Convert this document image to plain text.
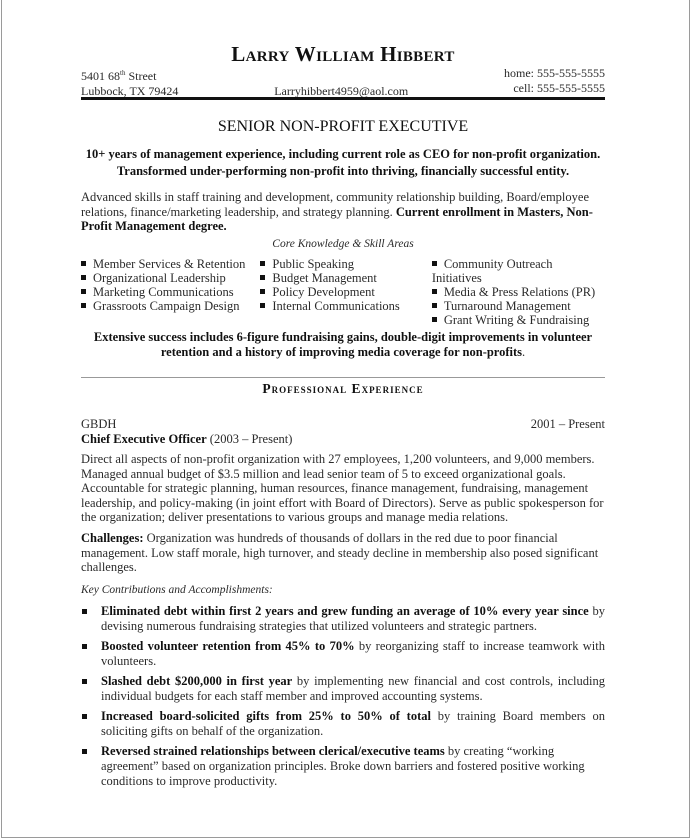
Larry William Hibbert
5401 68th Street
Lubbock, TX 79424	Larryhibbert4959@aol.com
home: 555-555-5555
cell: 555-555-5555
SENIOR NON-PROFIT EXECUTIVE
10+ years of management experience, including current role as CEO for non-profit organization.
Transformed under-performing non-profit into thriving, financially successful entity.
Advanced skills in staff training and development, community relationship building, Board/employee relations, finance/marketing leadership, and strategy planning. Current enrollment in Masters, Non-Profit Management degree.
Core Knowledge & Skill Areas
Member Services & Retention
Organizational Leadership
Marketing Communications
Grassroots Campaign Design
Public Speaking
Budget Management
Policy Development
Internal Communications
Community Outreach Initiatives
Media & Press Relations (PR)
Turnaround Management
Grant Writing & Fundraising
Extensive success includes 6-figure fundraising gains, double-digit improvements in volunteer retention and a history of improving media coverage for non-profits.
Professional Experience
GBDH	2001 – Present
Chief Executive Officer (2003 – Present)
Direct all aspects of non-profit organization with 27 employees, 1,200 volunteers, and 9,000 members. Managed annual budget of $3.5 million and lead senior team of 5 to exceed organizational goals. Accountable for strategic planning, human resources, finance management, fundraising, management leadership, and policy-making (in joint effort with Board of Directors). Serve as public spokesperson for the organization; deliver presentations to various groups and manage media relations.
Challenges: Organization was hundreds of thousands of dollars in the red due to poor financial management. Low staff morale, high turnover, and steady decline in membership also posed significant challenges.
Key Contributions and Accomplishments:
Eliminated debt within first 2 years and grew funding an average of 10% every year since by devising numerous fundraising strategies that utilized volunteers and strategic partners.
Boosted volunteer retention from 45% to 70% by reorganizing staff to increase teamwork with volunteers.
Slashed debt $200,000 in first year by implementing new financial and cost controls, including individual budgets for each staff member and improved accounting systems.
Increased board-solicited gifts from 25% to 50% of total by training Board members on soliciting gifts on behalf of the organization.
Reversed strained relationships between clerical/executive teams by creating “working agreement” based on organization principles. Broke down barriers and fostered positive working conditions to improve productivity.
